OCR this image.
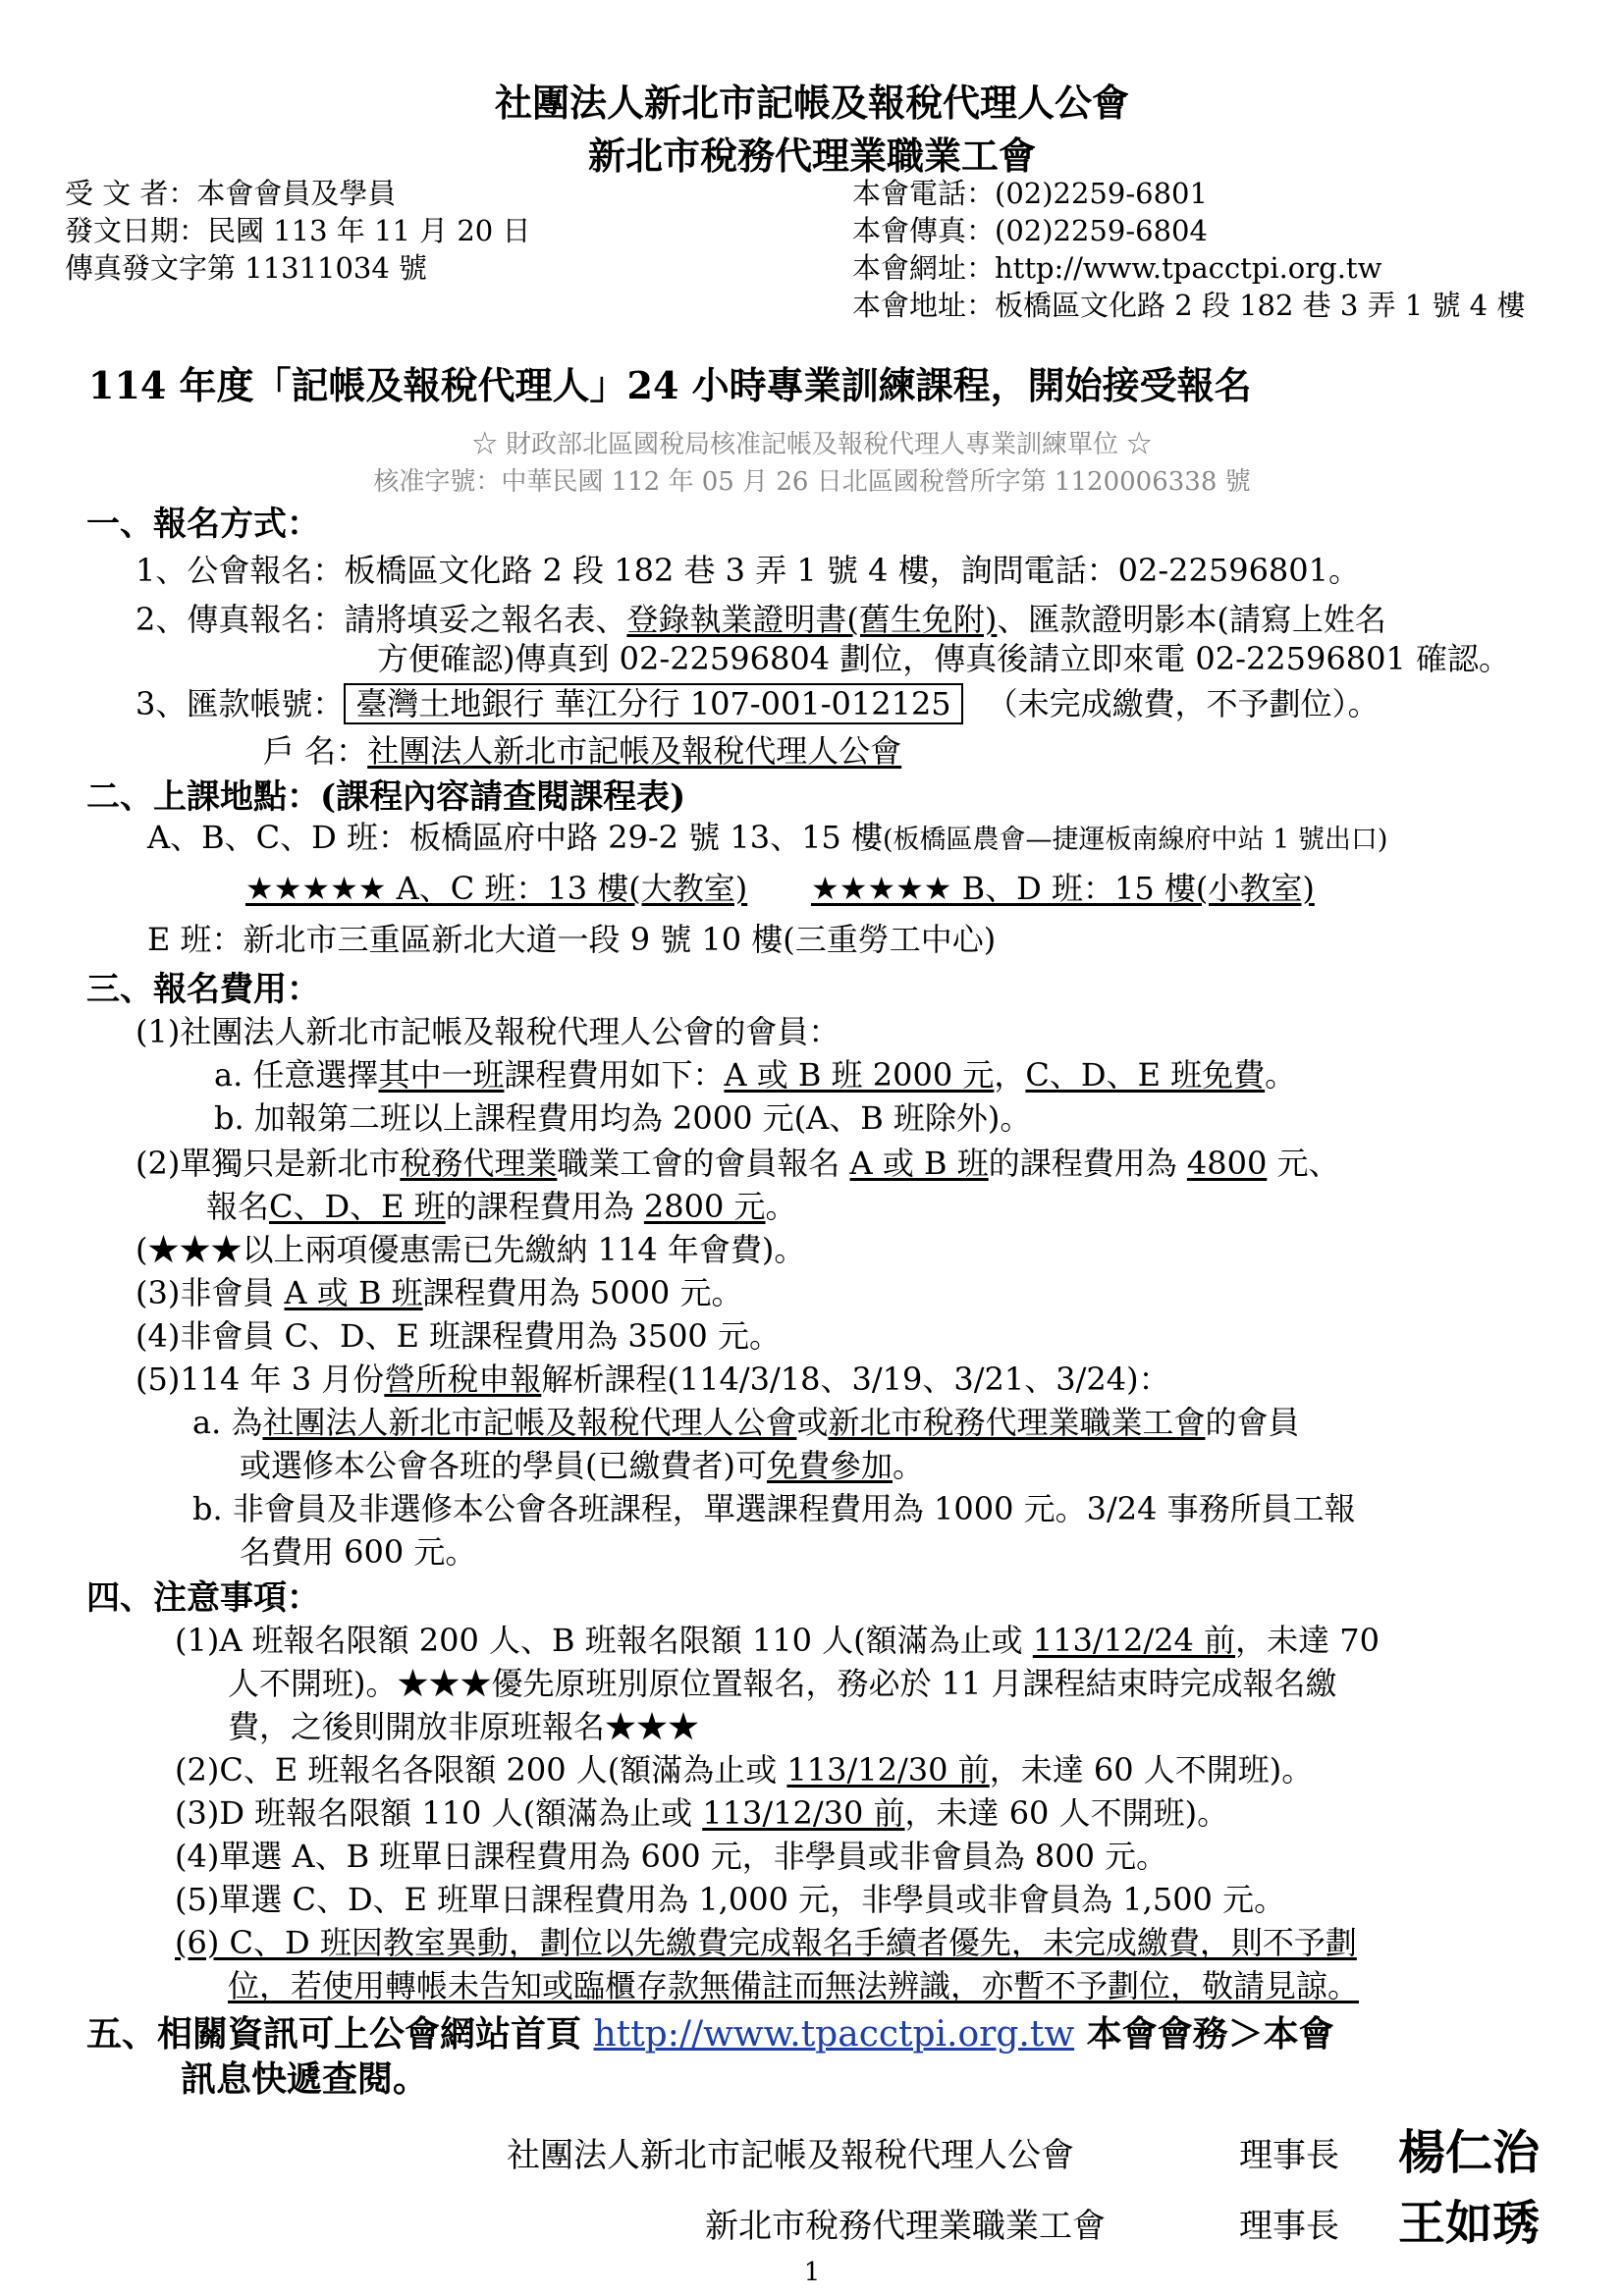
社團法人新北市記帳及報稅代理人公會
新北市稅務代理業職業工會
受 文 者：本會會員及學員
發文日期：民國 113 年 11 月 20 日
傳真發文字第 11311034 號
本會電話：(02)2259-6801
本會傳真：(02)2259-6804
本會網址：http://www.tpacctpi.org.tw
本會地址：板橋區文化路 2 段 182 巷 3 弄 1 號 4 樓
114 年度「記帳及報稅代理人」24 小時專業訓練課程，開始接受報名
☆ 財政部北區國稅局核准記帳及報稅代理人專業訓練單位 ☆
核准字號：中華民國 112 年 05 月 26 日北區國稅營所字第 1120006338 號
一、報名方式：
1、公會報名：板橋區文化路 2 段 182 巷 3 弄 1 號 4 樓，詢問電話：02-22596801。
2、傳真報名：請將填妥之報名表、登錄執業證明書(舊生免附)、匯款證明影本(請寫上姓名
方便確認)傳真到 02-22596804 劃位，傳真後請立即來電 02-22596801 確認。
3、匯款帳號： 臺灣土地銀行 華江分行 107-001-012125 （未完成繳費，不予劃位）。
戶 名：社團法人新北市記帳及報稅代理人公會
二、上課地點：(課程內容請查閱課程表)
A、B、C、D 班：板橋區府中路 29-2 號 13、15 樓(板橋區農會—捷運板南線府中站 1 號出口)
★★★★★ A、C 班：13 樓(大教室) ★★★★★ B、D 班：15 樓(小教室)
E 班：新北市三重區新北大道一段 9 號 10 樓(三重勞工中心)
三、報名費用：
(1)社團法人新北市記帳及報稅代理人公會的會員：
a. 任意選擇其中一班課程費用如下：A 或 B 班 2000 元，C、D、E 班免費。
b. 加報第二班以上課程費用均為 2000 元(A、B 班除外)。
(2)單獨只是新北市稅務代理業職業工會的會員報名 A 或 B 班的課程費用為 4800 元、
報名C、D、E 班的課程費用為 2800 元。
(★★★以上兩項優惠需已先繳納 114 年會費)。
(3)非會員 A 或 B 班課程費用為 5000 元。
(4)非會員 C、D、E 班課程費用為 3500 元。
(5)114 年 3 月份營所稅申報解析課程(114/3/18、3/19、3/21、3/24)：
a. 為社團法人新北市記帳及報稅代理人公會或新北市稅務代理業職業工會的會員
或選修本公會各班的學員(已繳費者)可免費參加。
b. 非會員及非選修本公會各班課程，單選課程費用為 1000 元。3/24 事務所員工報
名費用 600 元。
四、注意事項：
(1)A 班報名限額 200 人、B 班報名限額 110 人(額滿為止或 113/12/24 前，未達 70
人不開班)。★★★優先原班別原位置報名，務必於 11 月課程結束時完成報名繳
費，之後則開放非原班報名★★★
(2)C、E 班報名各限額 200 人(額滿為止或 113/12/30 前，未達 60 人不開班)。
(3)D 班報名限額 110 人(額滿為止或 113/12/30 前，未達 60 人不開班)。
(4)單選 A、B 班單日課程費用為 600 元，非學員或非會員為 800 元。
(5)單選 C、D、E 班單日課程費用為 1,000 元，非學員或非會員為 1,500 元。
(6) C、D 班因教室異動，劃位以先繳費完成報名手續者優先，未完成繳費，則不予劃
位，若使用轉帳未告知或臨櫃存款無備註而無法辨識，亦暫不予劃位，敬請見諒。
五、相關資訊可上公會網站首頁 http://www.tpacctpi.org.tw 本會會務＞本會
訊息快遞查閱。
社團法人新北市記帳及報稅代理人公會	理事長 楊仁治
新北市稅務代理業職業工會	理事長 王如琇
1
